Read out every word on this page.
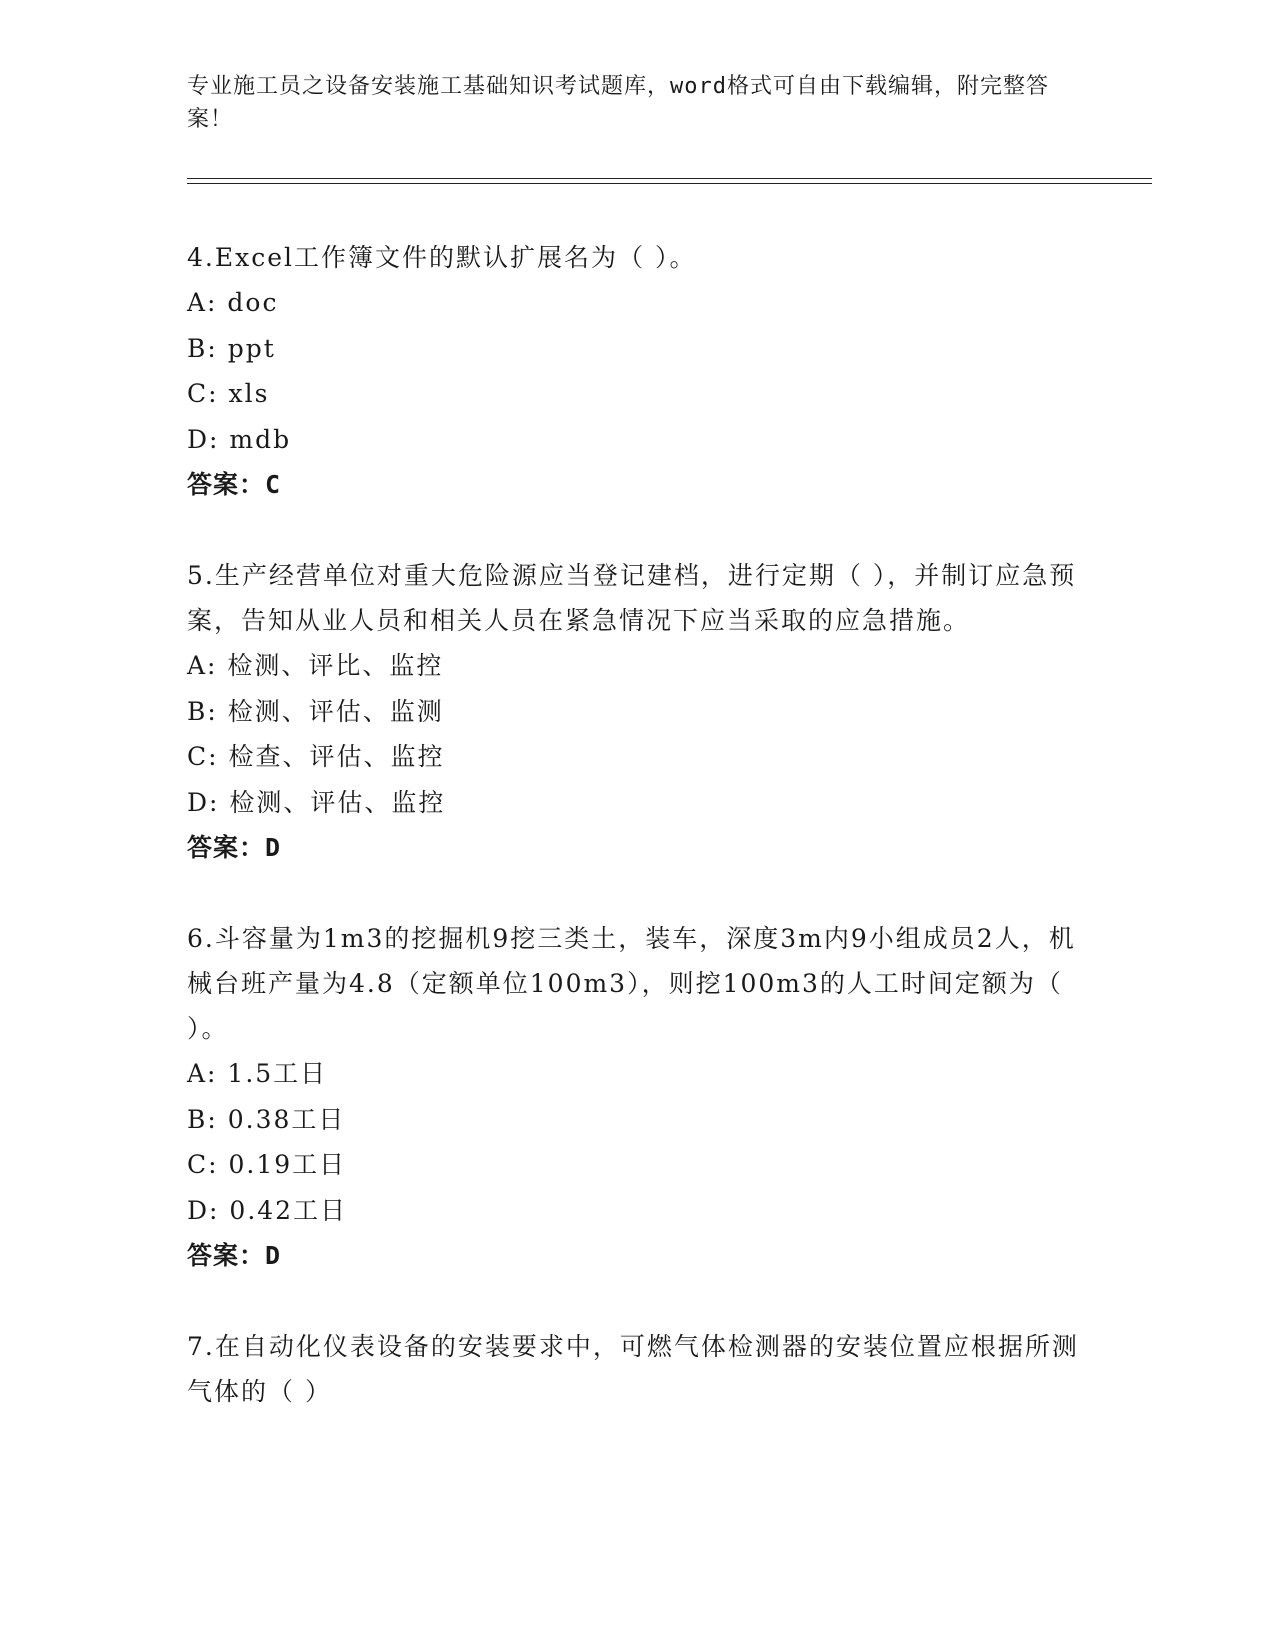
专业施工员之设备安装施工基础知识考试题库，word格式可自由下载编辑，附完整答案！

4.Excel工作簿文件的默认扩展名为（ ）。

A: doc

B: ppt

C: xls

D: mdb

答案：C

5.生产经营单位对重大危险源应当登记建档，进行定期（ ），并制订应急预案，告知从业人员和相关人员在紧急情况下应当采取的应急措施。

A: 检测、评比、监控

B: 检测、评估、监测

C: 检查、评估、监控

D: 检测、评估、监控

答案：D

6.斗容量为1m3的挖掘机9挖三类土，装车，深度3m内9小组成员2人，机械台班产量为4.8（定额单位100m3），则挖100m3的人工时间定额为（ ）。

A: 1.5工日

B: 0.38工日

C: 0.19工日

D: 0.42工日

答案：D

7.在自动化仪表设备的安装要求中，可燃气体检测器的安装位置应根据所测气体的（ ）
